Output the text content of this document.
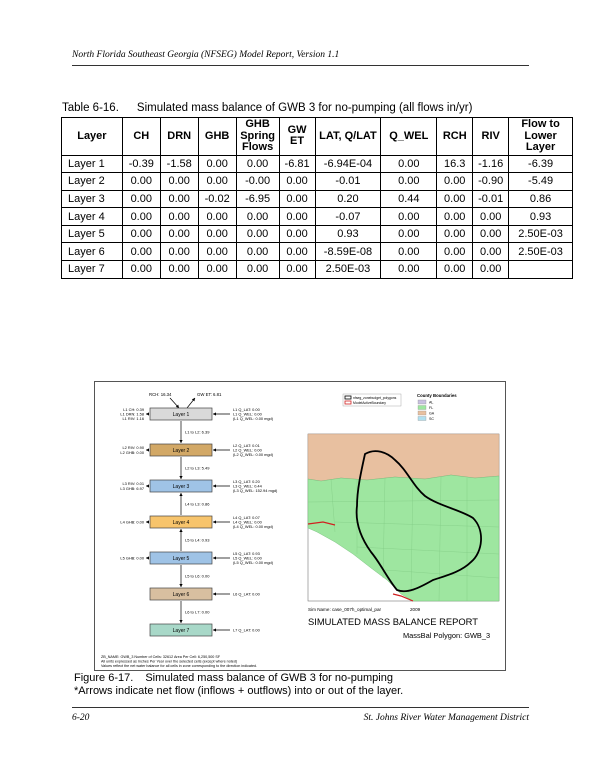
North Florida Southeast Georgia (NFSEG) Model Report, Version 1.1
Table 6-16. Simulated mass balance of GWB 3 for no-pumping (all flows in/yr)
Layer	CH	DRN	GHB	GHB Spring Flows	GW ET	LAT, Q/LAT	Q_WEL	RCH	RIV	Flow to Lower Layer
Layer 1	-0.39	-1.58	0.00	0.00	-6.81	-6.94E-04	0.00	16.3	-1.16	-6.39
Layer 2	0.00	0.00	0.00	-0.00	0.00	-0.01	0.00	0.00	-0.90	-5.49
Layer 3	0.00	0.00	-0.02	-6.95	0.00	0.20	0.44	0.00	-0.01	0.86
Layer 4	0.00	0.00	0.00	0.00	0.00	-0.07	0.00	0.00	0.00	0.93
Layer 5	0.00	0.00	0.00	0.00	0.00	0.93	0.00	0.00	0.00	2.50E-03
Layer 6	0.00	0.00	0.00	0.00	0.00	-8.59E-08	0.00	0.00	0.00	2.50E-03
Layer 7	0.00	0.00	0.00	0.00	0.00	2.50E-03	0.00	0.00	0.00	
nfseg_zonebudget_polygons
ModelActiveBoundary
County Boundaries
AL
FL
GA
SC
Sim Name: case_007h_optimal_par	2009
SIMULATED MASS BALANCE REPORT
MassBal Polygon: GWB_3
ZB_NAME: GWB_3 Number of Cells: 32612 Area Per Cell: 6,250,500 SF
All units expressed as Inches Per Year over the selected cells (except where noted)
Values reflect the net water balance for all cells in zone corresponding to the direction indicated.
RCH: 16.34	GW ET: 6.81
Layer 1
L1 CH: 0.39
L1 DRN: 1.58
L1 RIV: 1.16
L1 Q_LAT: 0.00
L1 Q_WEL: 0.00
(L1 Q_WEL: 0.00 mgd)
Layer 2
L2 RIV: 0.90
L2 GHB: 0.00
L2 Q_LAT: 0.01
L2 Q_WEL: 0.00
(L2 Q_WEL: 0.00 mgd)
Layer 3
L3 RIV: 0.01
L3 GHB: 6.97
L3 Q_LAT: 0.20
L3 Q_WEL: 0.44
(L3 Q_WEL: 152.94 mgd)
Layer 4
L4 GHB: 0.00
L4 Q_LAT: 0.07
L4 Q_WEL: 0.00
(L4 Q_WEL: 0.00 mgd)
Layer 5
L5 GHB: 0.00
L5 Q_LAT: 0.93
L5 Q_WEL: 0.00
(L5 Q_WEL: 0.00 mgd)
Layer 6	L6 Q_LAT: 0.00
Layer 7	L7 Q_LAT: 0.00
L1 to L2: 6.39
L2 to L3: 5.49
L4 to L3: 0.86
L5 to L4: 0.93
L5 to L6: 0.00
L6 to L7: 0.00
Figure 6-17. Simulated mass balance of GWB 3 for no-pumping
*Arrows indicate net flow (inflows + outflows) into or out of the layer.
6-20	St. Johns River Water Management District
